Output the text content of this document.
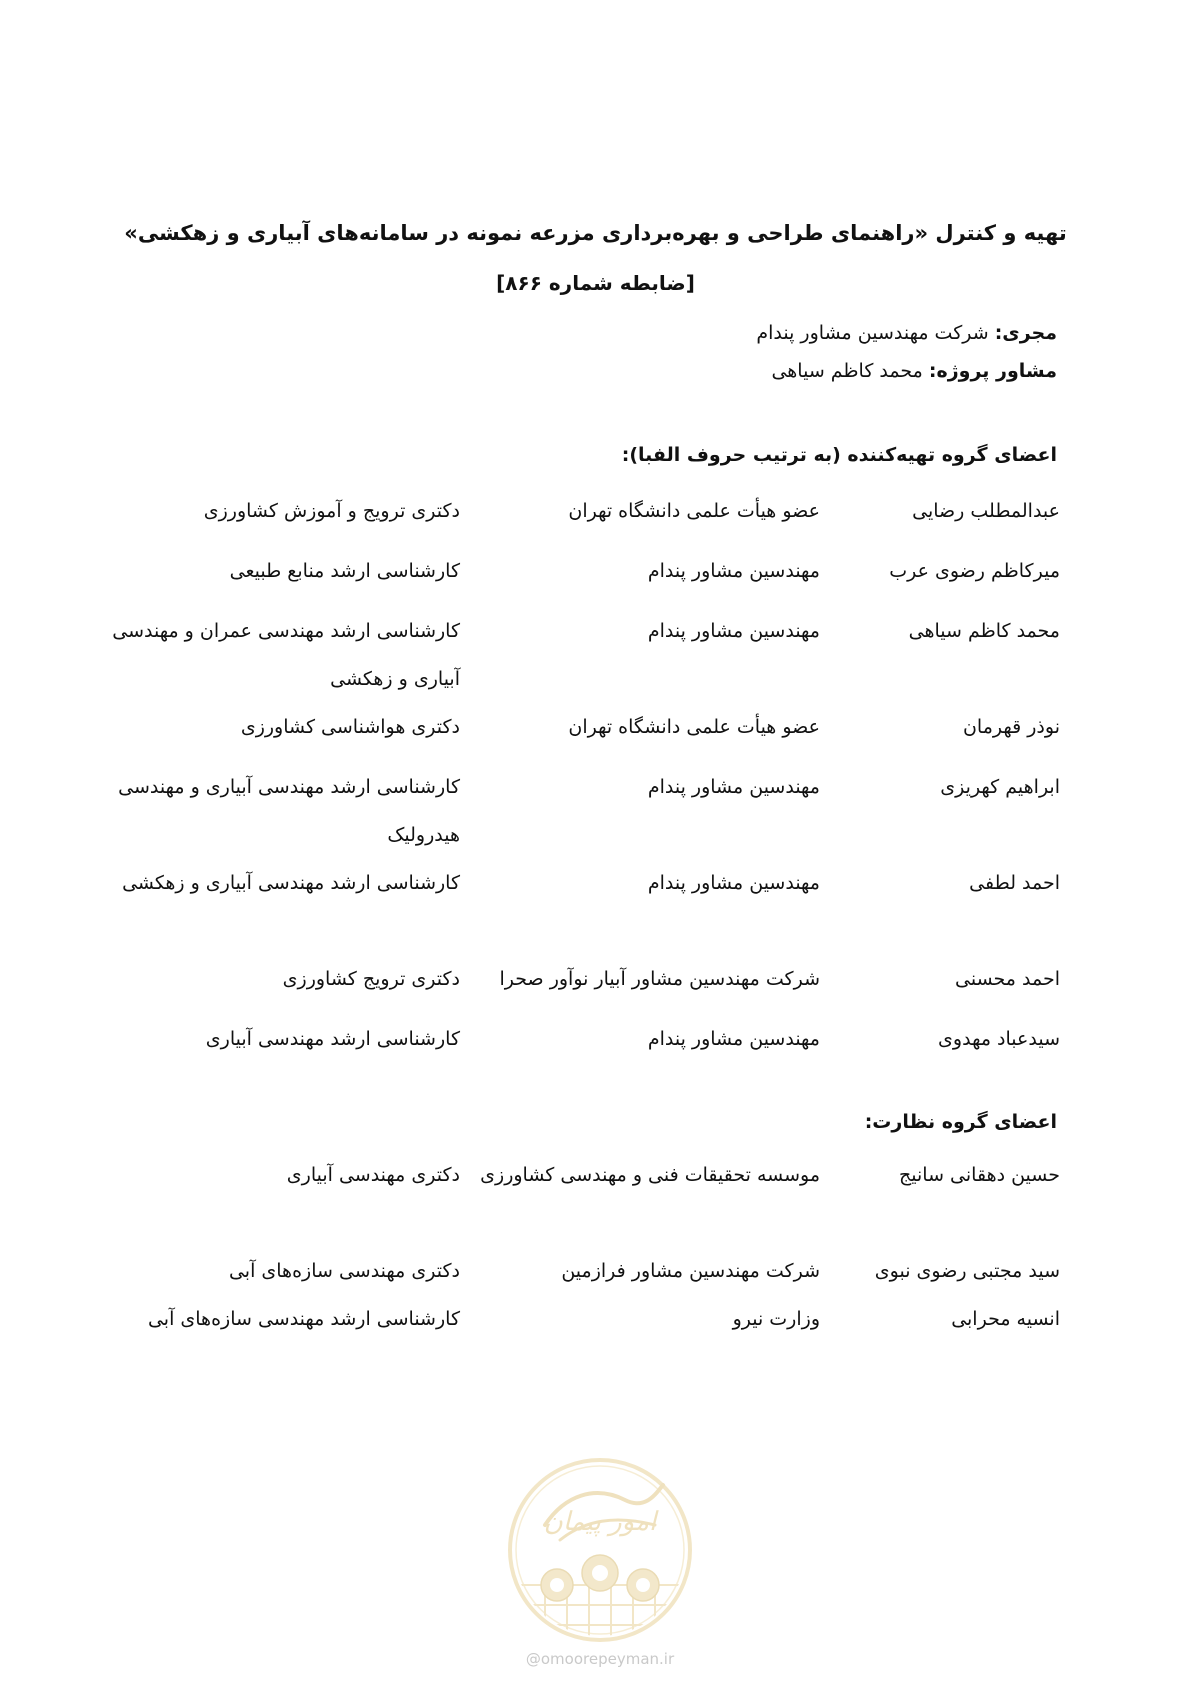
تهیه و کنترل «راهنمای طراحی و بهره‌برداری مزرعه نمونه در سامانه‌های آبیاری و زهکشی»
[ضابطه شماره ۸۶۶]
مجری: شرکت مهندسین مشاور پندام
مشاور پروژه: محمد کاظم سیاهی
اعضای گروه تهیه‌کننده (به ترتیب حروف الفبا):
عبدالمطلب رضایی
عضو هیأت علمی دانشگاه تهران
دکتری ترویج و آموزش کشاورزی
میرکاظم رضوی عرب
مهندسین مشاور پندام
کارشناسی ارشد منابع طبیعی
محمد کاظم سیاهی
مهندسین مشاور پندام
کارشناسی ارشد مهندسی عمران و مهندسی آبیاری و زهکشی
نوذر قهرمان
عضو هیأت علمی دانشگاه تهران
دکتری هواشناسی کشاورزی
ابراهیم کهریزی
مهندسین مشاور پندام
کارشناسی ارشد مهندسی آبیاری و مهندسی هیدرولیک
احمد لطفی
مهندسین مشاور پندام
کارشناسی ارشد مهندسی آبیاری و زهکشی
احمد محسنی
شرکت مهندسین مشاور آبیار نوآور صحرا
دکتری ترویج کشاورزی
سیدعباد مهدوی
مهندسین مشاور پندام
کارشناسی ارشد مهندسی آبیاری
اعضای گروه نظارت:
حسین دهقانی سانیج
موسسه تحقیقات فنی و مهندسی کشاورزی
دکتری مهندسی آبیاری
سید مجتبی رضوی نبوی
شرکت مهندسین مشاور فرازمین
دکتری مهندسی سازه‌های آبی
انسیه محرابی
وزارت نیرو
کارشناسی ارشد مهندسی سازه‌های آبی
امور پیمان
@omoorepeyman.ir
